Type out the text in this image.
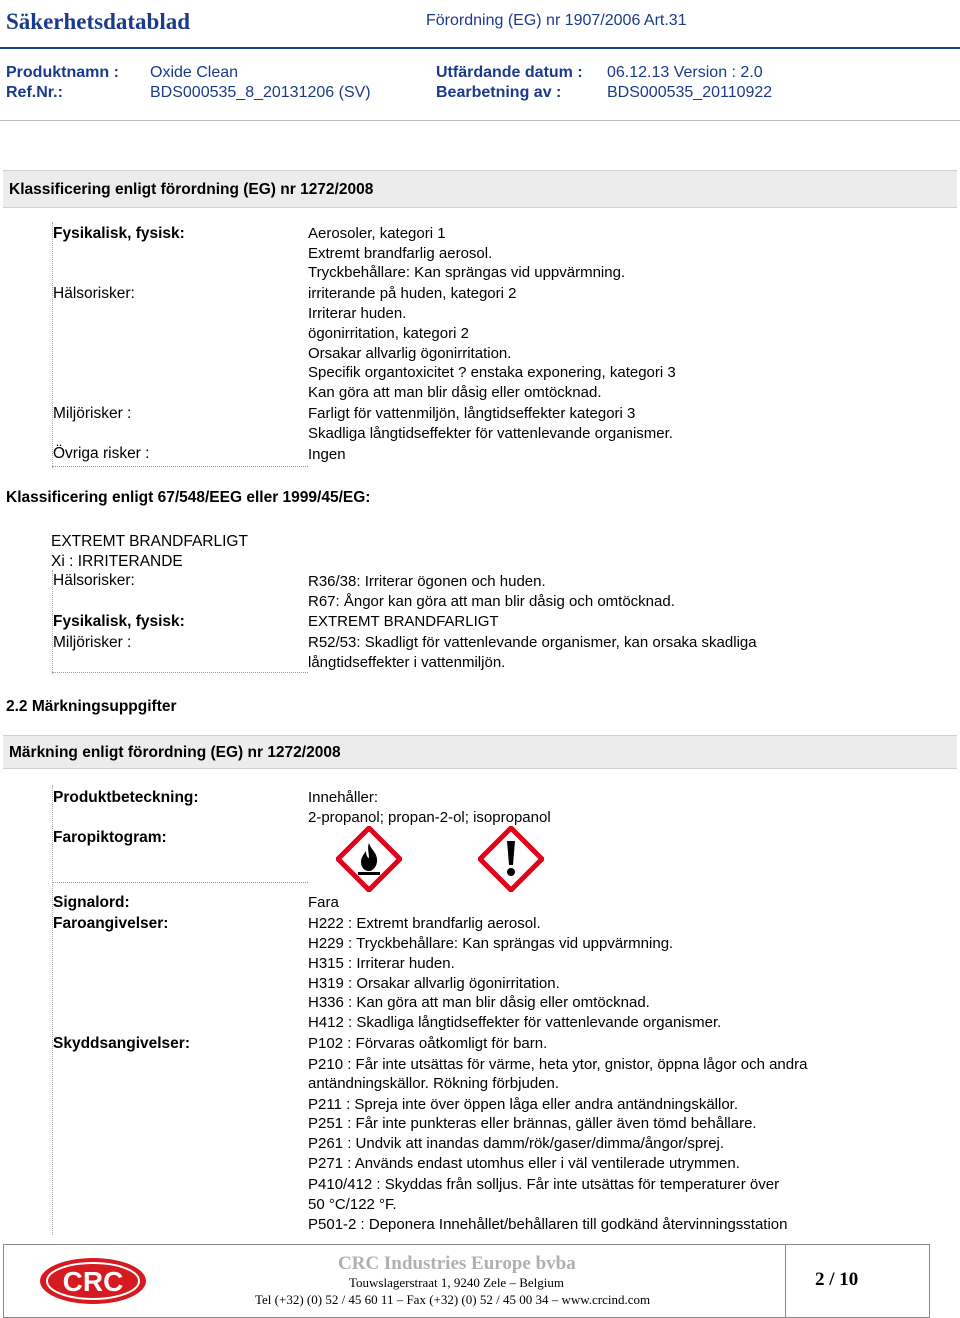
Säkerhetsdatablad	Förordning (EG) nr 1907/2006 Art.31
Produktnamn : Oxide Clean	Utfärdande datum : 06.12.13 Version : 2.0
Ref.Nr.:	BDS000535_8_20131206 (SV)	Bearbetning av :	BDS000535_20110922
Klassificering enligt förordning (EG) nr 1272/2008
Fysikalisk, fysisk:	Aerosoler, kategori 1
Extremt brandfarlig aerosol.
Tryckbehållare: Kan sprängas vid uppvärmning.
Hälsorisker:	irriterande på huden, kategori 2
Irriterar huden.
ögonirritation, kategori 2
Orsakar allvarlig ögonirritation.
Specifik organtoxicitet ? enstaka exponering, kategori 3
Kan göra att man blir dåsig eller omtöcknad.
Miljörisker :	Farligt för vattenmiljön, långtidseffekter kategori 3
Skadliga långtidseffekter för vattenlevande organismer.
Övriga risker :	Ingen
Klassificering enligt 67/548/EEG eller 1999/45/EG:
EXTREMT BRANDFARLIGT
Xi : IRRITERANDE
Hälsorisker:	R36/38: Irriterar ögonen och huden.
R67: Ångor kan göra att man blir dåsig och omtöcknad.
Fysikalisk, fysisk:	EXTREMT BRANDFARLIGT
Miljörisker :	R52/53: Skadligt för vattenlevande organismer, kan orsaka skadliga
långtidseffekter i vattenmiljön.
2.2 Märkningsuppgifter
Märkning enligt förordning (EG) nr 1272/2008
Produktbeteckning:	Innehåller:
2-propanol; propan-2-ol; isopropanol
Faropiktogram:
Signalord:	Fara
Faroangivelser:	H222 : Extremt brandfarlig aerosol.
H229 : Tryckbehållare: Kan sprängas vid uppvärmning.
H315 : Irriterar huden.
H319 : Orsakar allvarlig ögonirritation.
H336 : Kan göra att man blir dåsig eller omtöcknad.
H412 : Skadliga långtidseffekter för vattenlevande organismer.
Skyddsangivelser:	P102 : Förvaras oåtkomligt för barn.
P210 : Får inte utsättas för värme, heta ytor, gnistor, öppna lågor och andra
antändningskällor. Rökning förbjuden.
P211 : Spreja inte över öppen låga eller andra antändningskällor.
P251 : Får inte punkteras eller brännas, gäller även tömd behållare.
P261 : Undvik att inandas damm/rök/gaser/dimma/ångor/sprej.
P271 : Används endast utomhus eller i väl ventilerade utrymmen.
P410/412 : Skyddas från solljus. Får inte utsättas för temperaturer över
50 °C/122 °F.
P501-2 : Deponera Innehållet/behållaren till godkänd återvinningsstation
CRC
CRC Industries Europe bvba
Touwslagerstraat 1, 9240 Zele – Belgium
Tel (+32) (0) 52 / 45 60 11 – Fax (+32) (0) 52 / 45 00 34 – www.crcind.com
2 / 10
